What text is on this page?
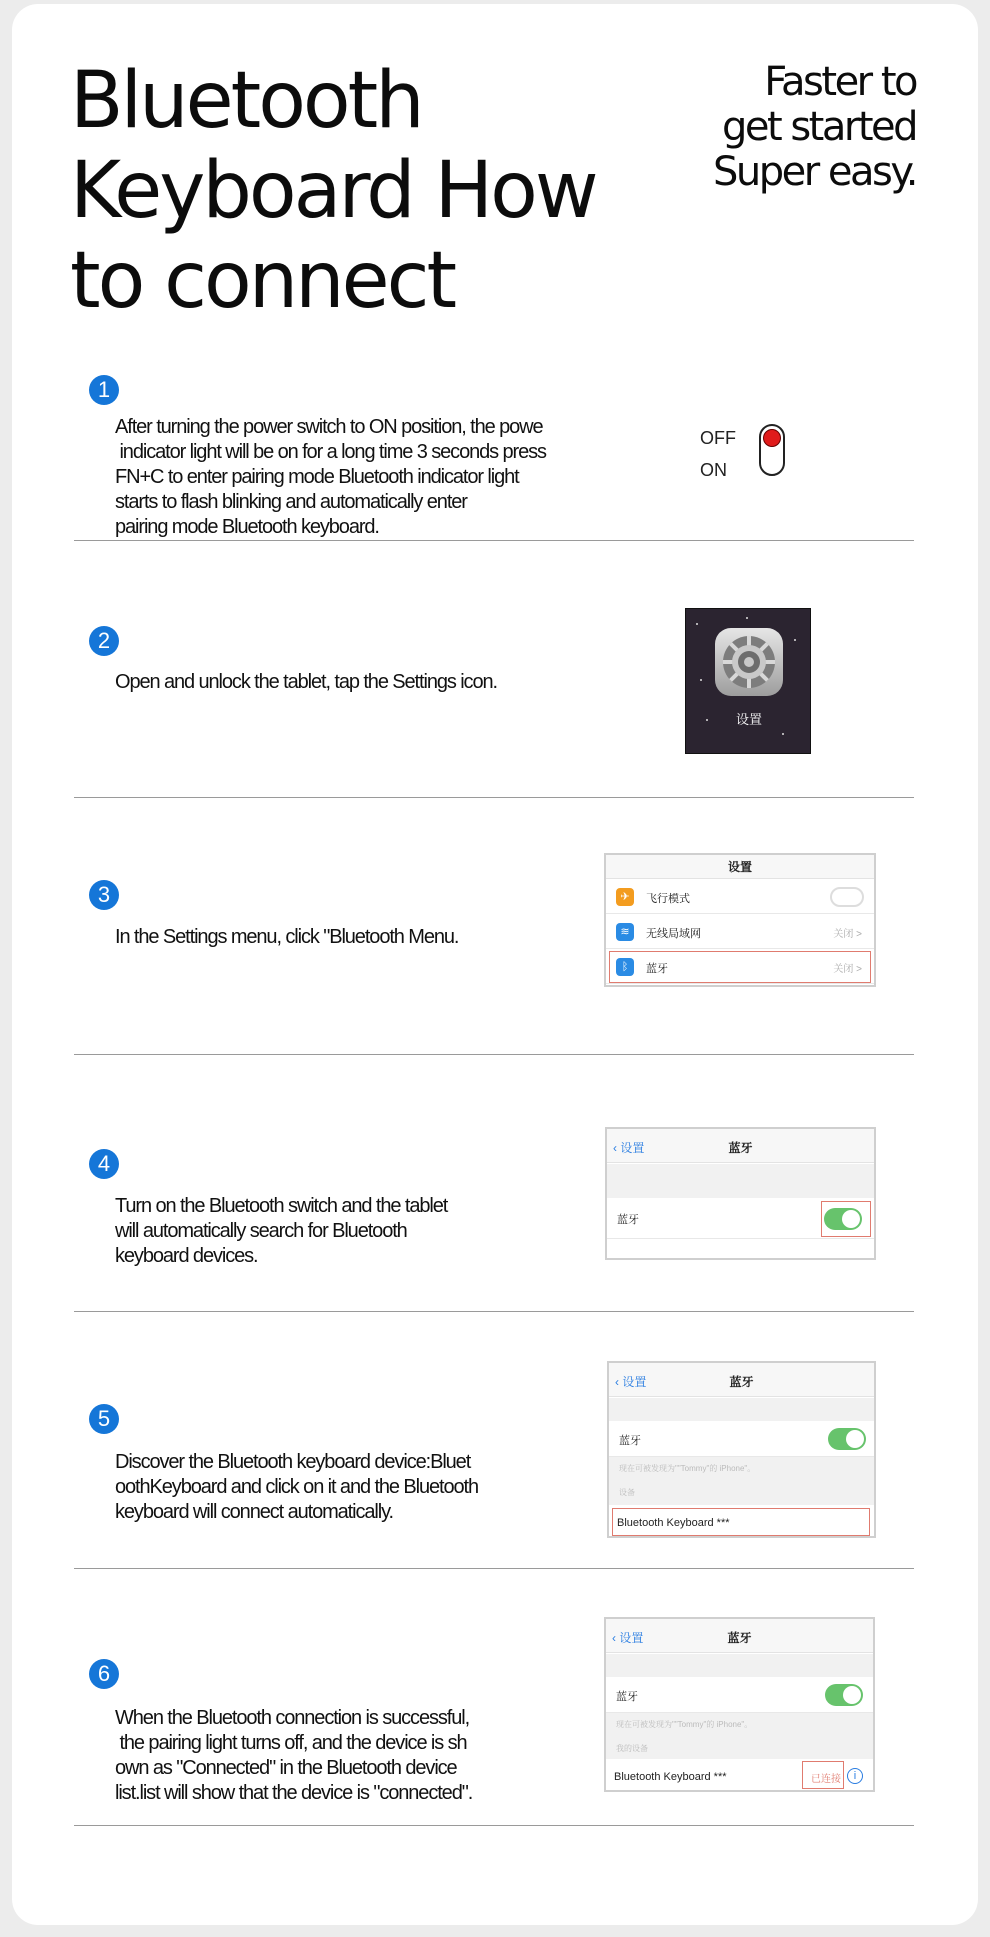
Bluetooth
Keyboard How
to connect
Faster to
get started
Super easy.
1
After turning the power switch to ON position, the powe
indicator light will be on for a long time 3 seconds press
FN+C to enter pairing mode Bluetooth indicator light
starts to flash blinking and automatically enter
pairing mode Bluetooth keyboard.
OFF
ON
2
Open and unlock the tablet, tap the Settings icon.
设置
3
In the Settings menu, click "Bluetooth Menu.
设置
✈	飞行模式
≋	无线局域网	关闭 >
ᛒ	蓝牙	关闭 >
4
Turn on the Bluetooth switch and the tablet
will automatically search for Bluetooth
keyboard devices.
‹ 设置	蓝牙
蓝牙
5
Discover the Bluetooth keyboard device:Bluet
oothKeyboard and click on it and the Bluetooth
keyboard will connect automatically.
‹ 设置	蓝牙
蓝牙
现在可被发现为""Tommy"的 iPhone"。
设备
Bluetooth Keyboard ***
6
When the Bluetooth connection is successful,
the pairing light turns off, and the device is sh
own as "Connected" in the Bluetooth device
list.list will show that the device is "connected".
‹ 设置	蓝牙
蓝牙
现在可被发现为""Tommy"的 iPhone"。
我的设备
Bluetooth Keyboard ***	已连接	i
